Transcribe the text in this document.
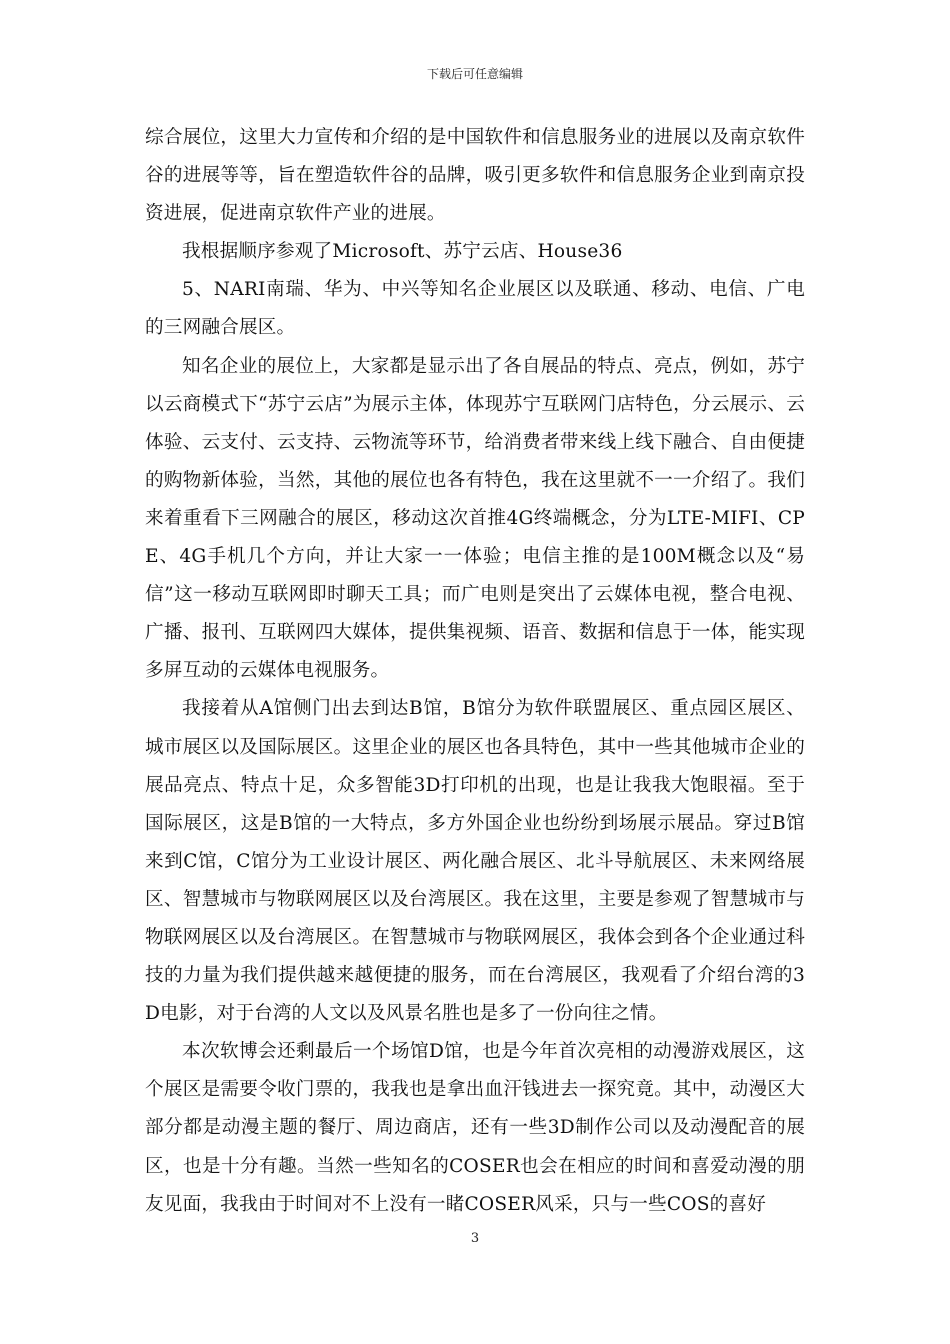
下载后可任意编辑

综合展位，这里大力宣传和介绍的是中国软件和信息服务业的进展以及南京软件谷的进展等等，旨在塑造软件谷的品牌，吸引更多软件和信息服务企业到南京投资进展，促进南京软件产业的进展。

我根据顺序参观了Microsoft、苏宁云店、House36

5、NARI南瑞、华为、中兴等知名企业展区以及联通、移动、电信、广电的三网融合展区。

知名企业的展位上，大家都是显示出了各自展品的特点、亮点，例如，苏宁以云商模式下“苏宁云店”为展示主体，体现苏宁互联网门店特色，分云展示、云体验、云支付、云支持、云物流等环节，给消费者带来线上线下融合、自由便捷的购物新体验，当然，其他的展位也各有特色，我在这里就不一一介绍了。我们来着重看下三网融合的展区，移动这次首推4G终端概念，分为LTE-MIFI、CPE、4G手机几个方向，并让大家一一体验；电信主推的是100M概念以及“易信”这一移动互联网即时聊天工具；而广电则是突出了云媒体电视，整合电视、广播、报刊、互联网四大媒体，提供集视频、语音、数据和信息于一体，能实现多屏互动的云媒体电视服务。

我接着从A馆侧门出去到达B馆，B馆分为软件联盟展区、重点园区展区、城市展区以及国际展区。这里企业的展区也各具特色，其中一些其他城市企业的展品亮点、特点十足，众多智能3D打印机的出现，也是让我我大饱眼福。至于国际展区，这是B馆的一大特点，多方外国企业也纷纷到场展示展品。穿过B馆来到C馆，C馆分为工业设计展区、两化融合展区、北斗导航展区、未来网络展区、智慧城市与物联网展区以及台湾展区。我在这里，主要是参观了智慧城市与物联网展区以及台湾展区。在智慧城市与物联网展区，我体会到各个企业通过科技的力量为我们提供越来越便捷的服务，而在台湾展区，我观看了介绍台湾的3D电影，对于台湾的人文以及风景名胜也是多了一份向往之情。

本次软博会还剩最后一个场馆D馆，也是今年首次亮相的动漫游戏展区，这个展区是需要令收门票的，我我也是拿出血汗钱进去一探究竟。其中，动漫区大部分都是动漫主题的餐厅、周边商店，还有一些3D制作公司以及动漫配音的展区，也是十分有趣。当然一些知名的COSER也会在相应的时间和喜爱动漫的朋友见面，我我由于时间对不上没有一睹COSER风采，只与一些COS的喜好

3
